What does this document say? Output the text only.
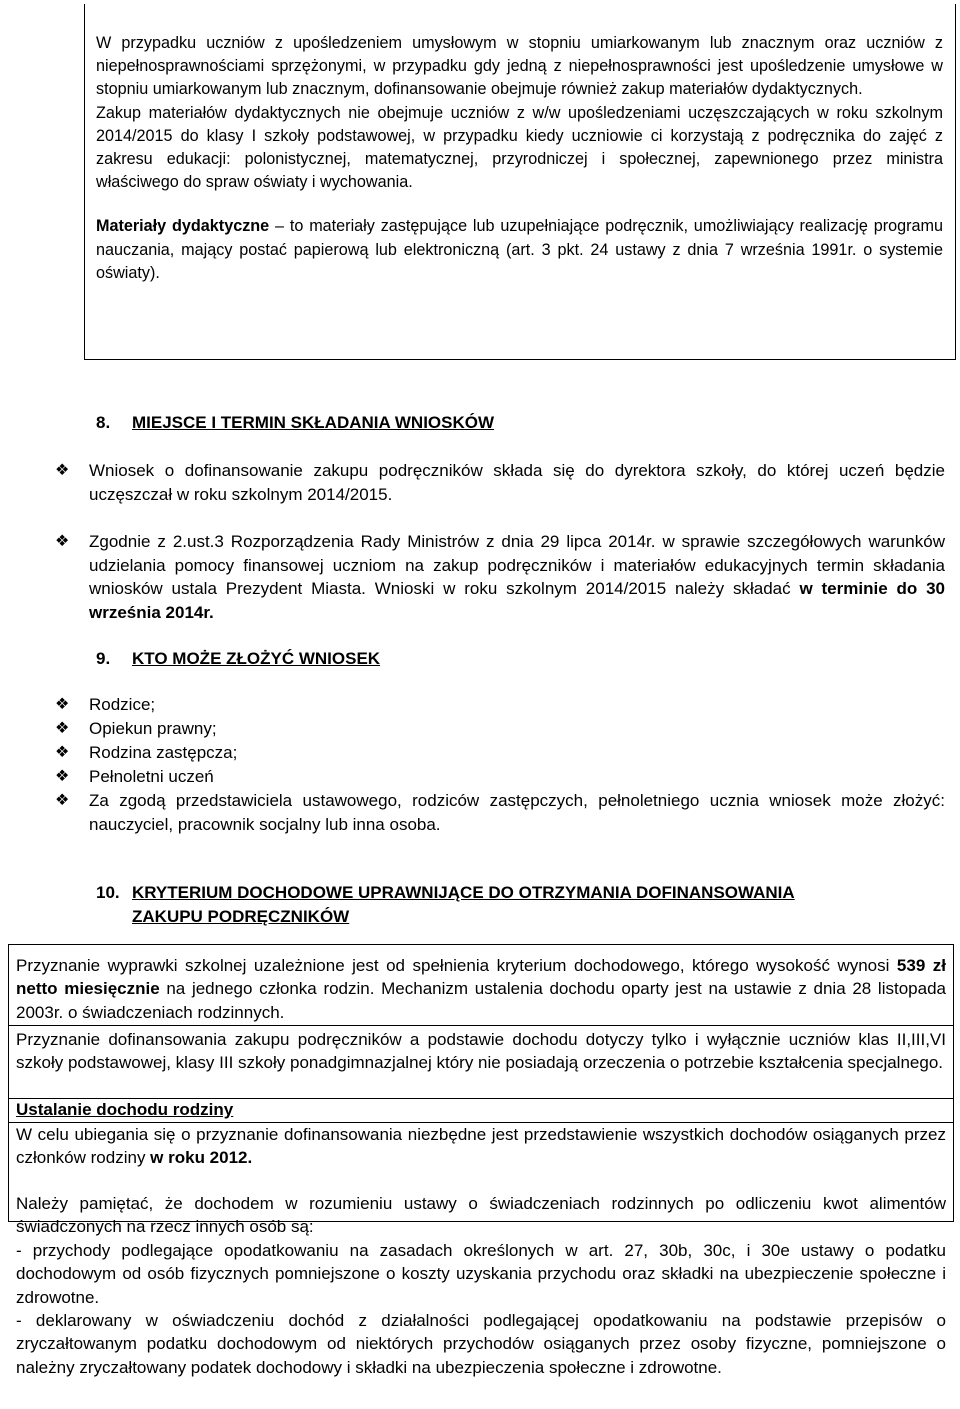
W przypadku uczniów z upośledzeniem umysłowym w stopniu umiarkowanym lub znacznym oraz uczniów z niepełnosprawnościami sprzężonymi, w przypadku gdy jedną z niepełnosprawności jest upośledzenie umysłowe w stopniu umiarkowanym lub znacznym, dofinansowanie obejmuje również zakup materiałów dydaktycznych.

Zakup materiałów dydaktycznych nie obejmuje uczniów z w/w upośledzeniami uczęszczających w roku szkolnym 2014/2015 do klasy I szkoły podstawowej, w przypadku kiedy uczniowie ci korzystają z podręcznika do zajęć z zakresu edukacji: polonistycznej, matematycznej, przyrodniczej i społecznej, zapewnionego przez ministra właściwego do spraw oświaty i wychowania.

Materiały dydaktyczne – to materiały zastępujące lub uzupełniające podręcznik, umożliwiający realizację programu nauczania, mający postać papierową lub elektroniczną (art. 3 pkt. 24 ustawy z dnia 7 września 1991r. o systemie oświaty).

8. MIEJSCE I TERMIN SKŁADANIA WNIOSKÓW
❖	Wniosek o dofinansowanie zakupu podręczników składa się do dyrektora szkoły, do której uczeń będzie uczęszczał w roku szkolnym 2014/2015.
❖	Zgodnie z 2.ust.3 Rozporządzenia Rady Ministrów z dnia 29 lipca 2014r. w sprawie szczegółowych warunków udzielania pomocy finansowej uczniom na zakup podręczników i materiałów edukacyjnych termin składania wniosków ustala Prezydent Miasta. Wnioski w roku szkolnym 2014/2015 należy składać w terminie do 30 września 2014r.
9. KTO MOŻE ZŁOŻYĆ WNIOSEK
❖	Rodzice;
❖	Opiekun prawny;
❖	Rodzina zastępcza;
❖	Pełnoletni uczeń
❖	Za zgodą przedstawiciela ustawowego, rodziców zastępczych, pełnoletniego ucznia wniosek może złożyć: nauczyciel, pracownik socjalny lub inna osoba.
10. KRYTERIUM DOCHODOWE UPRAWNIJĄCE DO OTRZYMANIA DOFINANSOWANIA
ZAKUPU PODRĘCZNIKÓW
Przyznanie wyprawki szkolnej uzależnione jest od spełnienia kryterium dochodowego, którego wysokość wynosi 539 zł netto miesięcznie na jednego członka rodzin. Mechanizm ustalenia dochodu oparty jest na ustawie z dnia 28 listopada 2003r. o świadczeniach rodzinnych.
Przyznanie dofinansowania zakupu podręczników a podstawie dochodu dotyczy tylko i wyłącznie uczniów klas II,III,VI szkoły podstawowej, klasy III szkoły ponadgimnazjalnej który nie posiadają orzeczenia o potrzebie kształcenia specjalnego.
Ustalanie dochodu rodziny
W celu ubiegania się o przyznanie dofinansowania niezbędne jest przedstawienie wszystkich dochodów osiąganych przez członków rodziny w roku 2012.
Należy pamiętać, że dochodem w rozumieniu ustawy o świadczeniach rodzinnych po odliczeniu kwot alimentów świadczonych na rzecz innych osób są:
- przychody podlegające opodatkowaniu na zasadach określonych w art. 27, 30b, 30c, i 30e ustawy o podatku dochodowym od osób fizycznych pomniejszone o koszty uzyskania przychodu oraz składki na ubezpieczenie społeczne i zdrowotne.
- deklarowany w oświadczeniu dochód z działalności podlegającej opodatkowaniu na podstawie przepisów o zryczałtowanym podatku dochodowym od niektórych przychodów osiąganych przez osoby fizyczne, pomniejszone o należny zryczałtowany podatek dochodowy i składki na ubezpieczenia społeczne i zdrowotne.
